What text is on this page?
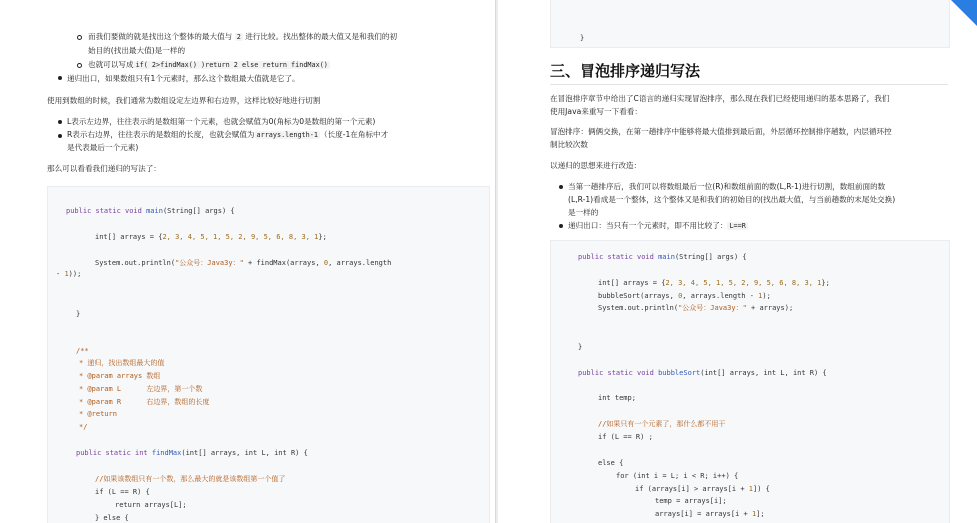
而我们要做的就是找出这个整体的最大值与 2 进行比较。找出整体的最大值又是和我们的初
始目的(找出最大值)是一样的
也就可以写成 if( 2>findMax() )return 2 else return findMax()
递归出口，如果数组只有1个元素时，那么这个数组最大值就是它了。
使用到数组的时候，我们通常为数组设定左边界和右边界，这样比较好地进行切割
L表示左边界，往往表示的是数组第一个元素，也就会赋值为0(角标为0是数组的第一个元素)
R表示右边界，往往表示的是数组的长度，也就会赋值为 arrays.length-1 （长度-1在角标中才
是代表最后一个元素)
那么可以看看我们递归的写法了：
public static void main(String[] args) {
int[] arrays = {2, 3, 4, 5, 1, 5, 2, 9, 5, 6, 8, 3, 1};
System.out.println("公众号：Java3y：" + findMax(arrays, 0, arrays.length
- 1));
}
/**
* 递归，找出数组最大的值
* @param arrays 数组
* @param L      左边界，第一个数
* @param R      右边界，数组的长度
* @return
*/
public static int findMax(int[] arrays, int L, int R) {
//如果该数组只有一个数，那么最大的就是该数组第一个值了
if (L == R) {
return arrays[L];
} else {
}
三、冒泡排序递归写法
在冒泡排序章节中给出了C语言的递归实现冒泡排序，那么现在我们已经使用递归的基本思路了，我们
使用Java来重写一下看看：
冒泡排序：俩俩交换，在第一趟排序中能够将最大值排到最后面，外层循环控制排序趟数，内层循环控
制比较次数
以递归的思想来进行改造：
当第一趟排序后，我们可以将数组最后一位(R)和数组前面的数(L,R-1)进行切割，数组前面的数
(L,R-1)看成是一个整体，这个整体又是和我们的初始目的(找出最大值，与当前趟数的末尾处交换)
是一样的
递归出口：当只有一个元素时，即不用比较了： L==R
public static void main(String[] args) {
int[] arrays = {2, 3, 4, 5, 1, 5, 2, 9, 5, 6, 8, 3, 1};
bubbleSort(arrays, 0, arrays.length - 1);
System.out.println("公众号：Java3y：" + arrays);
}
public static void bubbleSort(int[] arrays, int L, int R) {
int temp;
//如果只有一个元素了，那什么都不用干
if (L == R) ;
else {
for (int i = L; i < R; i++) {
if (arrays[i] > arrays[i + 1]) {
temp = arrays[i];
arrays[i] = arrays[i + 1];
